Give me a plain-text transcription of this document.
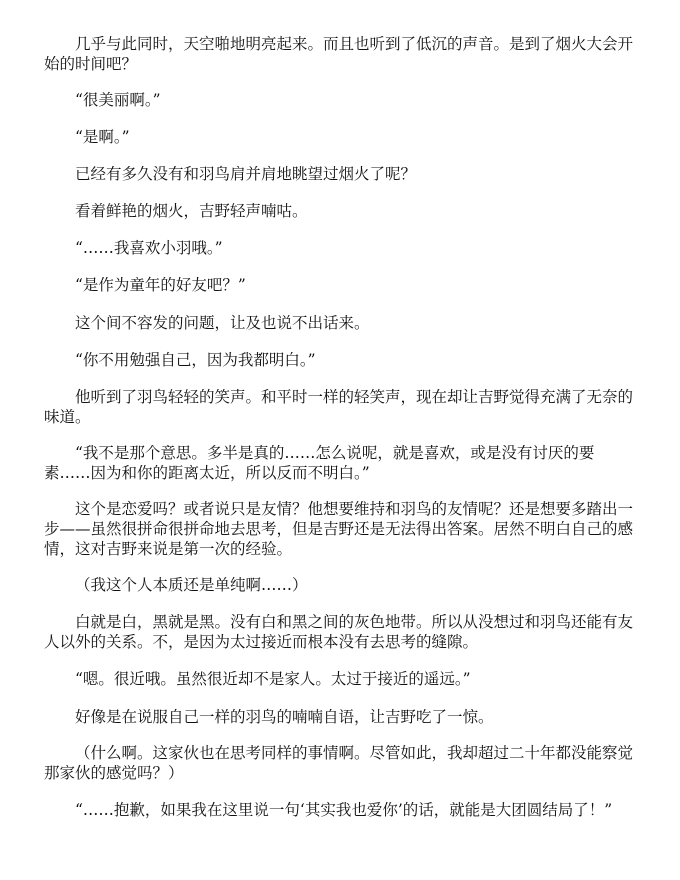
几乎与此同时，天空啪地明亮起来。而且也听到了低沉的声音。是到了烟火大会开始的时间吧？

“很美丽啊。”

“是啊。”

已经有多久没有和羽鸟肩并肩地眺望过烟火了呢？

看着鲜艳的烟火，吉野轻声喃咕。

“……我喜欢小羽哦。”

“是作为童年的好友吧？”

这个间不容发的问题，让及也说不出话来。

“你不用勉强自己，因为我都明白。”

他听到了羽鸟轻轻的笑声。和平时一样的轻笑声，现在却让吉野觉得充满了无奈的味道。

“我不是那个意思。多半是真的……怎么说呢，就是喜欢，或是没有讨厌的要素……因为和你的距离太近，所以反而不明白。”

这个是恋爱吗？或者说只是友情？他想要维持和羽鸟的友情呢？还是想要多踏出一步——虽然很拼命很拼命地去思考，但是吉野还是无法得出答案。居然不明白自己的感情，这对吉野来说是第一次的经验。

（我这个人本质还是单纯啊……）

白就是白，黑就是黑。没有白和黑之间的灰色地带。所以从没想过和羽鸟还能有友人以外的关系。不，是因为太过接近而根本没有去思考的缝隙。

“嗯。很近哦。虽然很近却不是家人。太过于接近的遥远。”

好像是在说服自己一样的羽鸟的喃喃自语，让吉野吃了一惊。

（什么啊。这家伙也在思考同样的事情啊。尽管如此，我却超过二十年都没能察觉那家伙的感觉吗？）

“……抱歉，如果我在这里说一句‘其实我也爱你’的话，就能是大团圆结局了！”
